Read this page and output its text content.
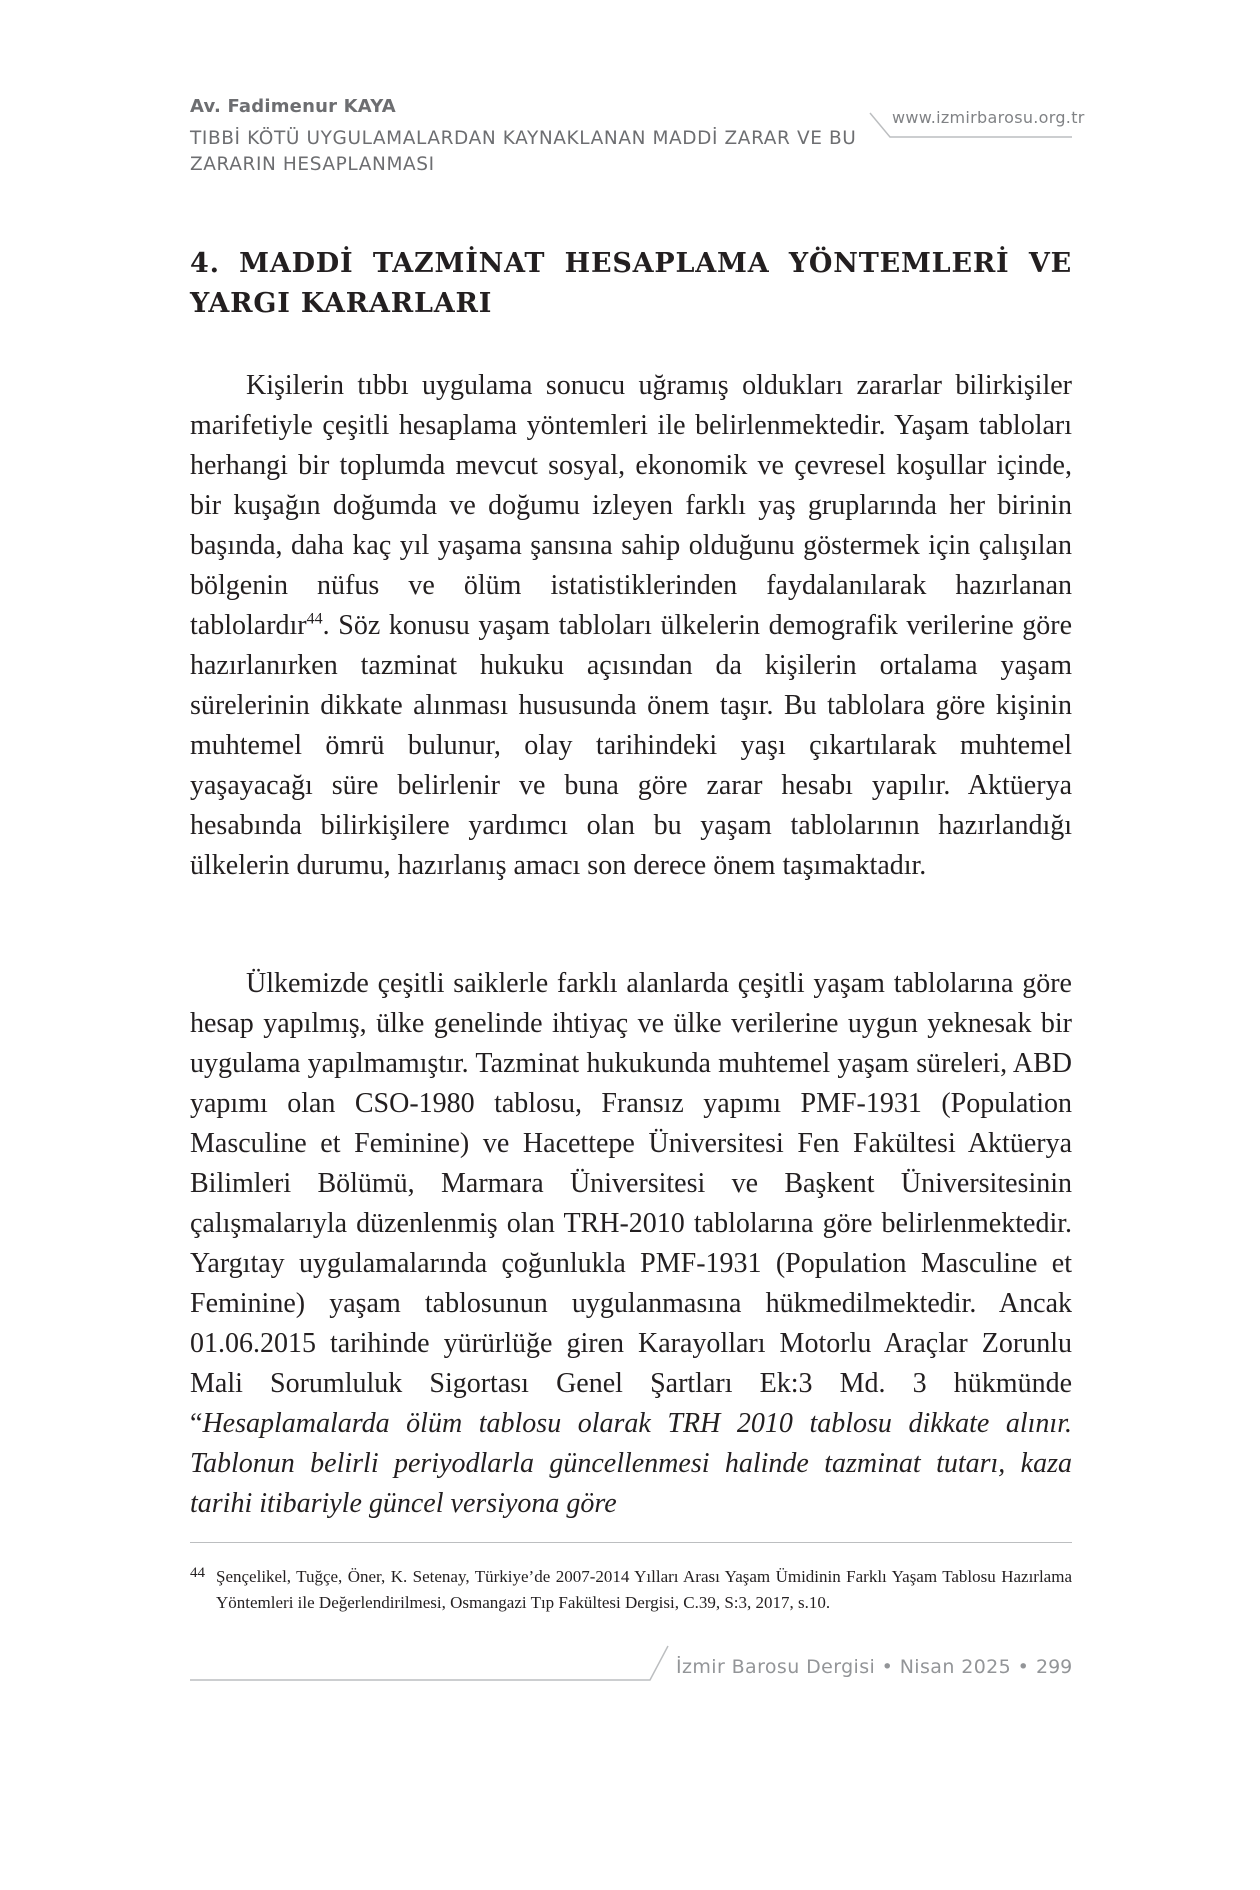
Av. Fadimenur KAYA
TIBBİ KÖTÜ UYGULAMALARDAN KAYNAKLANAN MADDİ ZARAR VE BU ZARARIN HESAPLANMASI
www.izmirbarosu.org.tr
4. MADDİ TAZMİNAT HESAPLAMA YÖNTEMLERİ VE YARGI KARARLARI

Kişilerin tıbbı uygulama sonucu uğramış oldukları zararlar bilirkişiler marifetiyle çeşitli hesaplama yöntemleri ile belirlenmektedir. Yaşam tabloları herhangi bir toplumda mevcut sosyal, ekonomik ve çevresel koşullar içinde, bir kuşağın doğumda ve doğumu izleyen farklı yaş gruplarında her birinin başında, daha kaç yıl yaşama şansına sahip olduğunu göstermek için çalışılan bölgenin nüfus ve ölüm istatistiklerinden faydalanılarak hazırlanan tablolardır$^{44}$. Söz konusu yaşam tabloları ülkelerin demografik verilerine göre hazırlanırken tazminat hukuku açısından da kişilerin ortalama yaşam sürelerinin dikkate alınması hususunda önem taşır. Bu tablolara göre kişinin muhtemel ömrü bulunur, olay tarihindeki yaşı çıkartılarak muhtemel yaşayacağı süre belirlenir ve buna göre zarar hesabı yapılır. Aktüerya hesabında bilirkişilere yardımcı olan bu yaşam tablolarının hazırlandığı ülkelerin durumu, hazırlanış amacı son derece önem taşımaktadır.

Ülkemizde çeşitli saiklerle farklı alanlarda çeşitli yaşam tablolarına göre hesap yapılmış, ülke genelinde ihtiyaç ve ülke verilerine uygun yeknesak bir uygulama yapılmamıştır. Tazminat hukukunda muhtemel yaşam süreleri, ABD yapımı olan CSO-1980 tablosu, Fransız yapımı PMF-1931 (Population Masculine et Feminine) ve Hacettepe Üniversitesi Fen Fakültesi Aktüerya Bilimleri Bölümü, Marmara Üniversitesi ve Başkent Üniversitesinin çalışmalarıyla düzenlenmiş olan TRH-2010 tablolarına göre belirlenmektedir. Yargıtay uygulamalarında çoğunlukla PMF-1931 (Population Masculine et Feminine) yaşam tablosunun uygulanmasına hükmedilmektedir. Ancak 01.06.2015 tarihinde yürürlüğe giren Karayolları Motorlu Araçlar Zorunlu Mali Sorumluluk Sigortası Genel Şartları Ek:3 Md. 3 hükmünde “Hesaplamalarda ölüm tablosu olarak TRH 2010 tablosu dikkate alınır. Tablonun belirli periyodlarla güncellenmesi halinde tazminat tutarı, kaza tarihi itibariyle güncel versiyona göre

44 Şençelikel, Tuğçe, Öner, K. Setenay, Türkiye’de 2007-2014 Yılları Arası Yaşam Ümidinin Farklı Yaşam Tablosu Hazırlama Yöntemleri ile Değerlendirilmesi, Osmangazi Tıp Fakültesi Dergisi, C.39, S:3, 2017, s.10.
İzmir Barosu Dergisi • Nisan 2025 • 299
